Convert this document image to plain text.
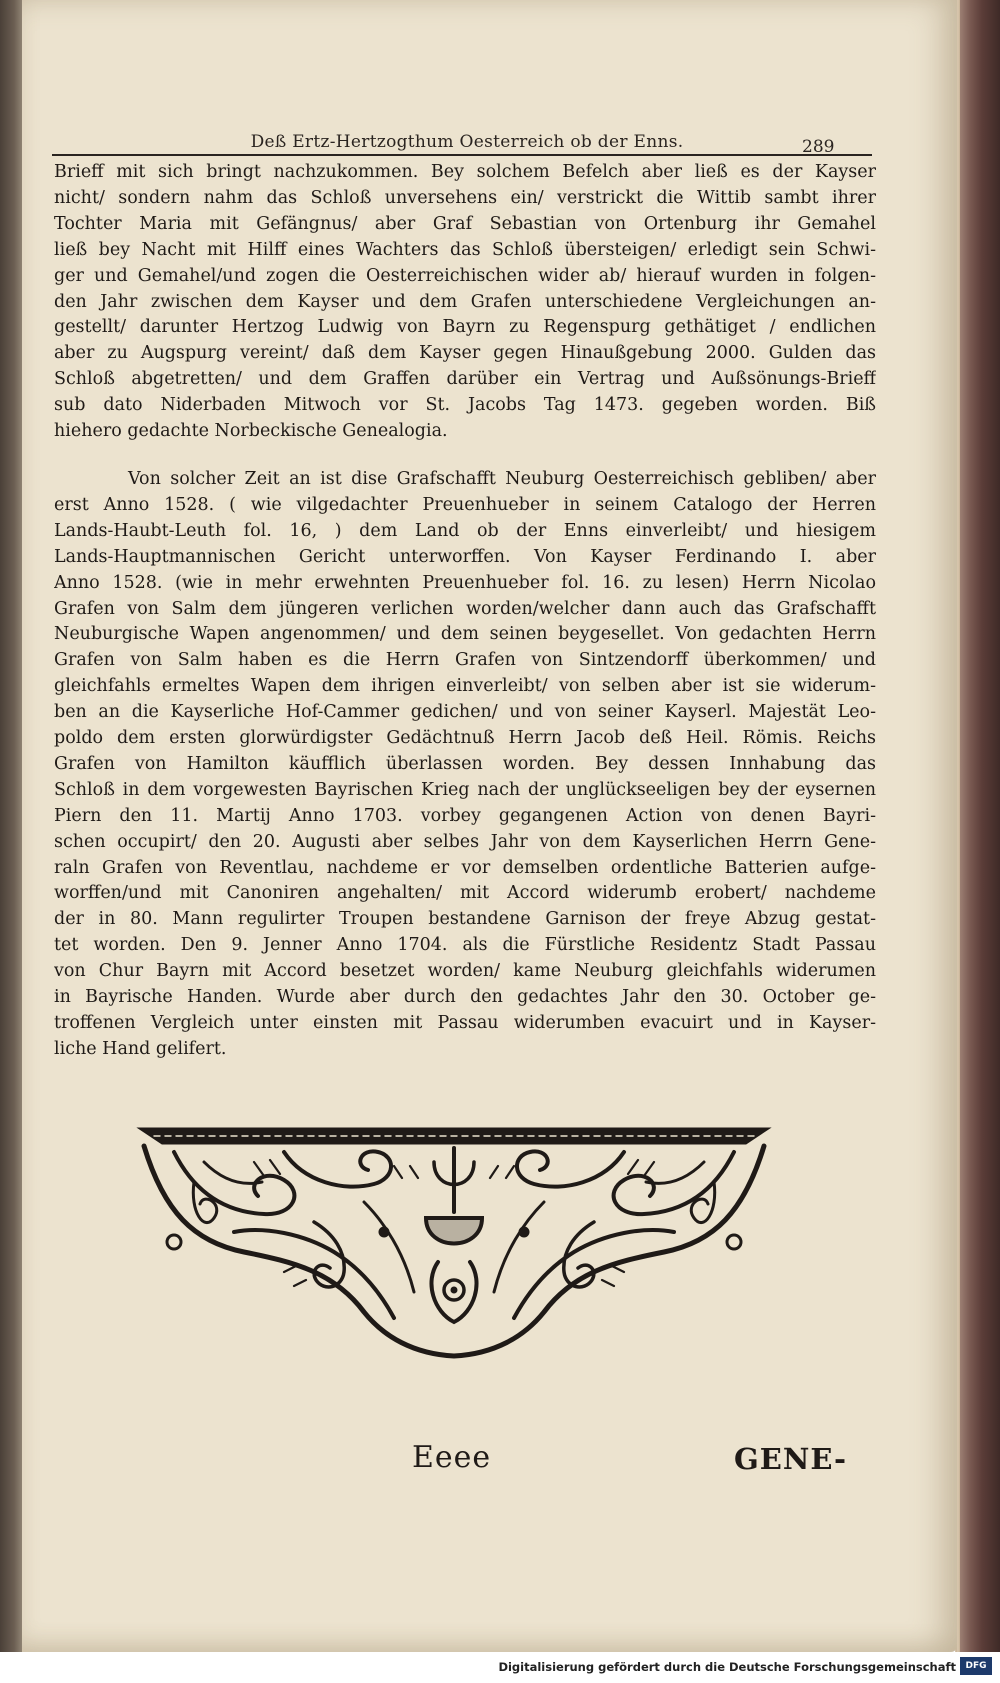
Deß Ertz-Hertzogthum Oesterreich ob der Enns.	289
Brieff mit sich bringt nachzukommen. Bey solchem Befelch aber ließ es der Kayser
nicht/ sondern nahm das Schloß unversehens ein/ verstrickt die Wittib sambt ihrer
Tochter Maria mit Gefängnus/ aber Graf Sebastian von Ortenburg ihr Gemahel
ließ bey Nacht mit Hilff eines Wachters das Schloß übersteigen/ erledigt sein Schwi-
ger und Gemahel/und zogen die Oesterreichischen wider ab/ hierauf wurden in folgen-
den Jahr zwischen dem Kayser und dem Grafen unterschiedene Vergleichungen an-
gestellt/ darunter Hertzog Ludwig von Bayrn zu Regenspurg gethätiget / endlichen
aber zu Augspurg vereint/ daß dem Kayser gegen Hinaußgebung 2000. Gulden das
Schloß abgetretten/ und dem Graffen darüber ein Vertrag und Außsönungs-Brieff
sub dato Niderbaden Mitwoch vor St. Jacobs Tag 1473. gegeben worden. Biß
hiehero gedachte Norbeckische Genealogia.
Von solcher Zeit an ist dise Grafschafft Neuburg Oesterreichisch gebliben/ aber
erst Anno 1528. ( wie vilgedachter Preuenhueber in seinem Catalogo der Herren
Lands-Haubt-Leuth fol. 16, ) dem Land ob der Enns einverleibt/ und hiesigem
Lands-Hauptmannischen Gericht unterworffen. Von Kayser Ferdinando I. aber
Anno 1528. (wie in mehr erwehnten Preuenhueber fol. 16. zu lesen) Herrn Nicolao
Grafen von Salm dem jüngeren verlichen worden/welcher dann auch das Grafschafft
Neuburgische Wapen angenommen/ und dem seinen beygesellet. Von gedachten Herrn
Grafen von Salm haben es die Herrn Grafen von Sintzendorff überkommen/ und
gleichfahls ermeltes Wapen dem ihrigen einverleibt/ von selben aber ist sie widerum-
ben an die Kayserliche Hof-Cammer gedichen/ und von seiner Kayserl. Majestät Leo-
poldo dem ersten glorwürdigster Gedächtnuß Herrn Jacob deß Heil. Römis. Reichs
Grafen von Hamilton käufflich überlassen worden. Bey dessen Innhabung das
Schloß in dem vorgewesten Bayrischen Krieg nach der unglückseeligen bey der eysernen
Piern den 11. Martij Anno 1703. vorbey gegangenen Action von denen Bayri-
schen occupirt/ den 20. Augusti aber selbes Jahr von dem Kayserlichen Herrn Gene-
raln Grafen von Reventlau, nachdeme er vor demselben ordentliche Batterien aufge-
worffen/und mit Canoniren angehalten/ mit Accord widerumb erobert/ nachdeme
der in 80. Mann regulirter Troupen bestandene Garnison der freye Abzug gestat-
tet worden. Den 9. Jenner Anno 1704. als die Fürstliche Residentz Stadt Passau
von Chur Bayrn mit Accord besetzet worden/ kame Neuburg gleichfahls widerumen
in Bayrische Handen. Wurde aber durch den gedachtes Jahr den 30. October ge-
troffenen Vergleich unter einsten mit Passau widerumben evacuirt und in Kayser-
liche Hand gelifert.
Eeee	GENE-
Digitalisierung gefördert durch die Deutsche Forschungsgemeinschaft	DFG
